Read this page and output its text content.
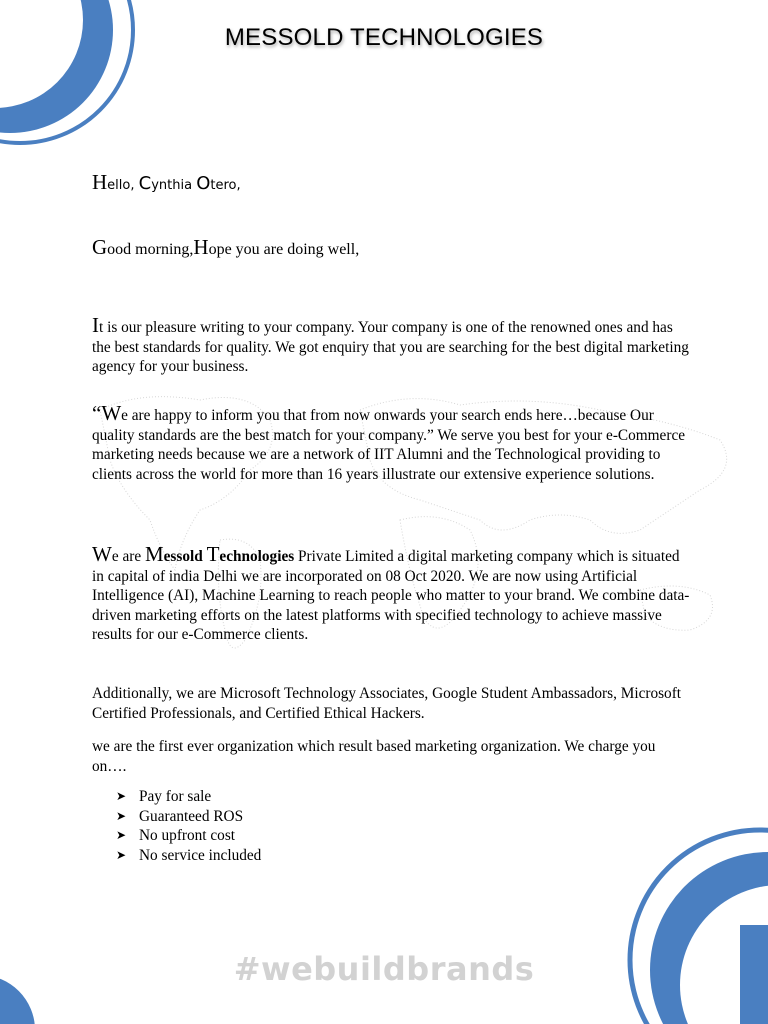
MESSOLD TECHNOLOGIES

Hello, Cynthia Otero,

Good morning,Hope you are doing well,

It is our pleasure writing to your company. Your company is one of the renowned ones and has the best standards for quality. We got enquiry that you are searching for the best digital marketing agency for your business.

“We are happy to inform you that from now onwards your search ends here…because Our quality standards are the best match for your company.” We serve you best for your e-Commerce marketing needs because we are a network of IIT Alumni and the Technological providing to clients across the world for more than 16 years illustrate our extensive experience solutions.

We are Messold Technologies Private Limited a digital marketing company which is situated in capital of india Delhi we are incorporated on 08 Oct 2020. We are now using Artificial Intelligence (AI), Machine Learning to reach people who matter to your brand. We combine data-driven marketing efforts on the latest platforms with specified technology to achieve massive results for our e-Commerce clients.

Additionally, we are Microsoft Technology Associates, Google Student Ambassadors, Microsoft Certified Professionals, and Certified Ethical Hackers.

we are the first ever organization which result based marketing organization. We charge you on….

➤ Pay for sale
➤ Guaranteed ROS
➤ No upfront cost
➤ No service included
#webuildbrands
